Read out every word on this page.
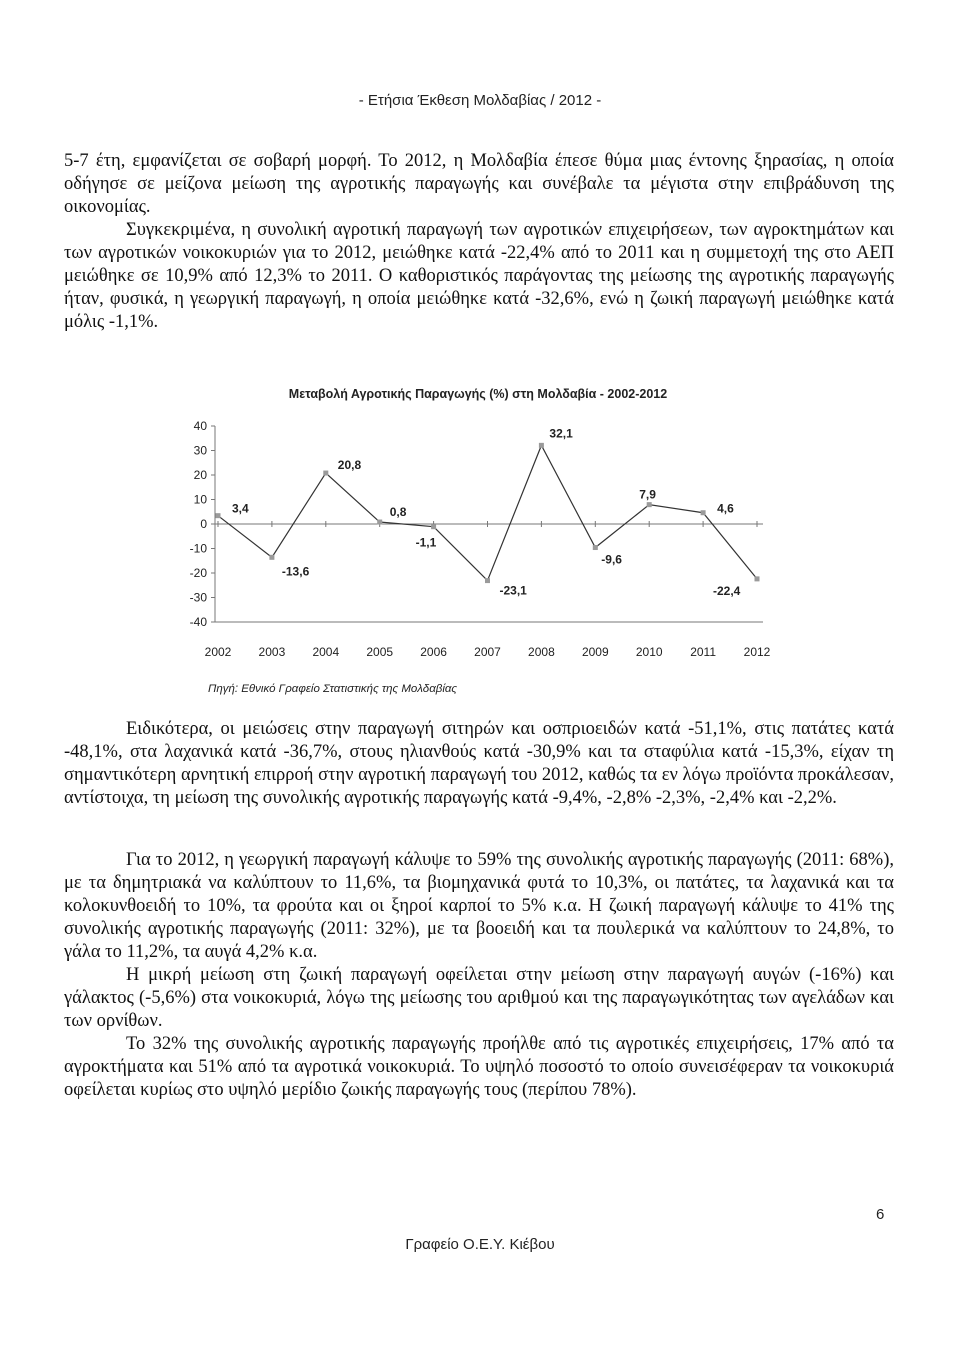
- Ετήσια Έκθεση Μολδαβίας / 2012 -

5-7 έτη, εμφανίζεται σε σοβαρή μορφή. Το 2012, η Μολδαβία έπεσε θύμα μιας έντονης ξηρασίας, η οποία οδήγησε σε μείζονα μείωση της αγροτικής παραγωγής και συνέβαλε τα μέγιστα στην επιβράδυνση της οικονομίας.

Συγκεκριμένα, η συνολική αγροτική παραγωγή των αγροτικών επιχειρήσεων, των αγροκτημάτων και των αγροτικών νοικοκυριών για το 2012, μειώθηκε κατά -22,4% από το 2011 και η συμμετοχή της στο ΑΕΠ μειώθηκε σε 10,9% από 12,3% το 2011. Ο καθοριστικός παράγοντας της μείωσης της αγροτικής παραγωγής ήταν, φυσικά, η γεωργική παραγωγή, η οποία μειώθηκε κατά -32,6%, ενώ η ζωική παραγωγή μειώθηκε κατά μόλις -1,1%.

Μεταβολή Αγροτικής Παραγωγής (%) στη Μολδαβία - 2002-2012
40
30
20
10
0
-10
-20
-30
-40
2002 2003 2004 2005 2006 2007 2008 2009 2010 2011 2012
3,4
-13,6
20,8
0,8
-1,1
-23,1
32,1
-9,6
7,9
4,6
-22,4
Πηγή: Εθνικό Γραφείο Στατιστικής της Μολδαβίας

Ειδικότερα, οι μειώσεις στην παραγωγή σιτηρών και οσπριοειδών κατά -51,1%, στις πατάτες κατά -48,1%, στα λαχανικά κατά -36,7%, στους ηλιανθούς κατά -30,9% και τα σταφύλια κατά -15,3%, είχαν τη σημαντικότερη αρνητική επιρροή στην αγροτική παραγωγή του 2012, καθώς τα εν λόγω προϊόντα προκάλεσαν, αντίστοιχα, τη μείωση της συνολικής αγροτικής παραγωγής κατά -9,4%, -2,8% -2,3%, -2,4% και -2,2%.

Για το 2012, η γεωργική παραγωγή κάλυψε το 59% της συνολικής αγροτικής παραγωγής (2011: 68%), με τα δημητριακά να καλύπτουν το 11,6%, τα βιομηχανικά φυτά το 10,3%, οι πατάτες, τα λαχανικά και τα κολοκυνθοειδή το 10%, τα φρούτα και οι ξηροί καρποί το 5% κ.α. Η ζωική παραγωγή κάλυψε το 41% της συνολικής αγροτικής παραγωγής (2011: 32%), με τα βοοειδή και τα πουλερικά να καλύπτουν το 24,8%, το γάλα το 11,2%, τα αυγά 4,2% κ.α.

Η μικρή μείωση στη ζωική παραγωγή οφείλεται στην μείωση στην παραγωγή αυγών (-16%) και γάλακτος (-5,6%) στα νοικοκυριά, λόγω της μείωσης του αριθμού και της παραγωγικότητας των αγελάδων και των ορνίθων.

Το 32% της συνολικής αγροτικής παραγωγής προήλθε από τις αγροτικές επιχειρήσεις, 17% από τα αγροκτήματα και 51% από τα αγροτικά νοικοκυριά. Το υψηλό ποσοστό το οποίο συνεισέφεραν τα νοικοκυριά οφείλεται κυρίως στο υψηλό μερίδιο ζωικής παραγωγής τους (περίπου 78%).

6
Γραφείο Ο.Ε.Υ. Κιέβου
